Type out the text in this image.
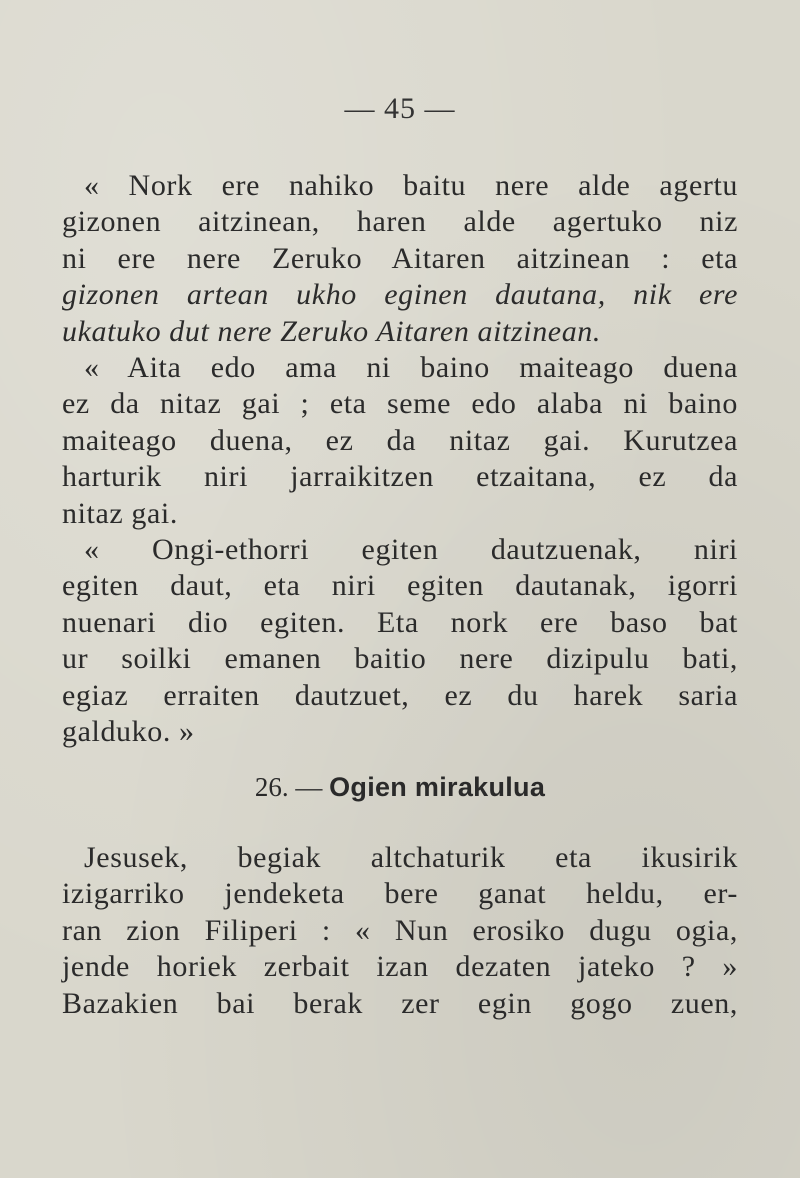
— 45 —
« Nork ere nahiko baitu nere alde agertu
gizonen aitzinean, haren alde agertuko niz
ni ere nere Zeruko Aitaren aitzinean : eta
gizonen artean ukho eginen dautana, nik ere
ukatuko dut nere Zeruko Aitaren aitzinean.
« Aita edo ama ni baino maiteago duena
ez da nitaz gai ; eta seme edo alaba ni baino
maiteago duena, ez da nitaz gai. Kurutzea
harturik niri jarraikitzen etzaitana, ez da
nitaz gai.
« Ongi-ethorri egiten dautzuenak, niri
egiten daut, eta niri egiten dautanak, igorri
nuenari dio egiten. Eta nork ere baso bat
ur soilki emanen baitio nere dizipulu bati,
egiaz erraiten dautzuet, ez du harek saria
galduko. »
26. — Ogien mirakulua
Jesusek, begiak altchaturik eta ikusirik
izigarriko jendeketa bere ganat heldu, er-
ran zion Filiperi : « Nun erosiko dugu ogia,
jende horiek zerbait izan dezaten jateko ? »
Bazakien bai berak zer egin gogo zuen,
